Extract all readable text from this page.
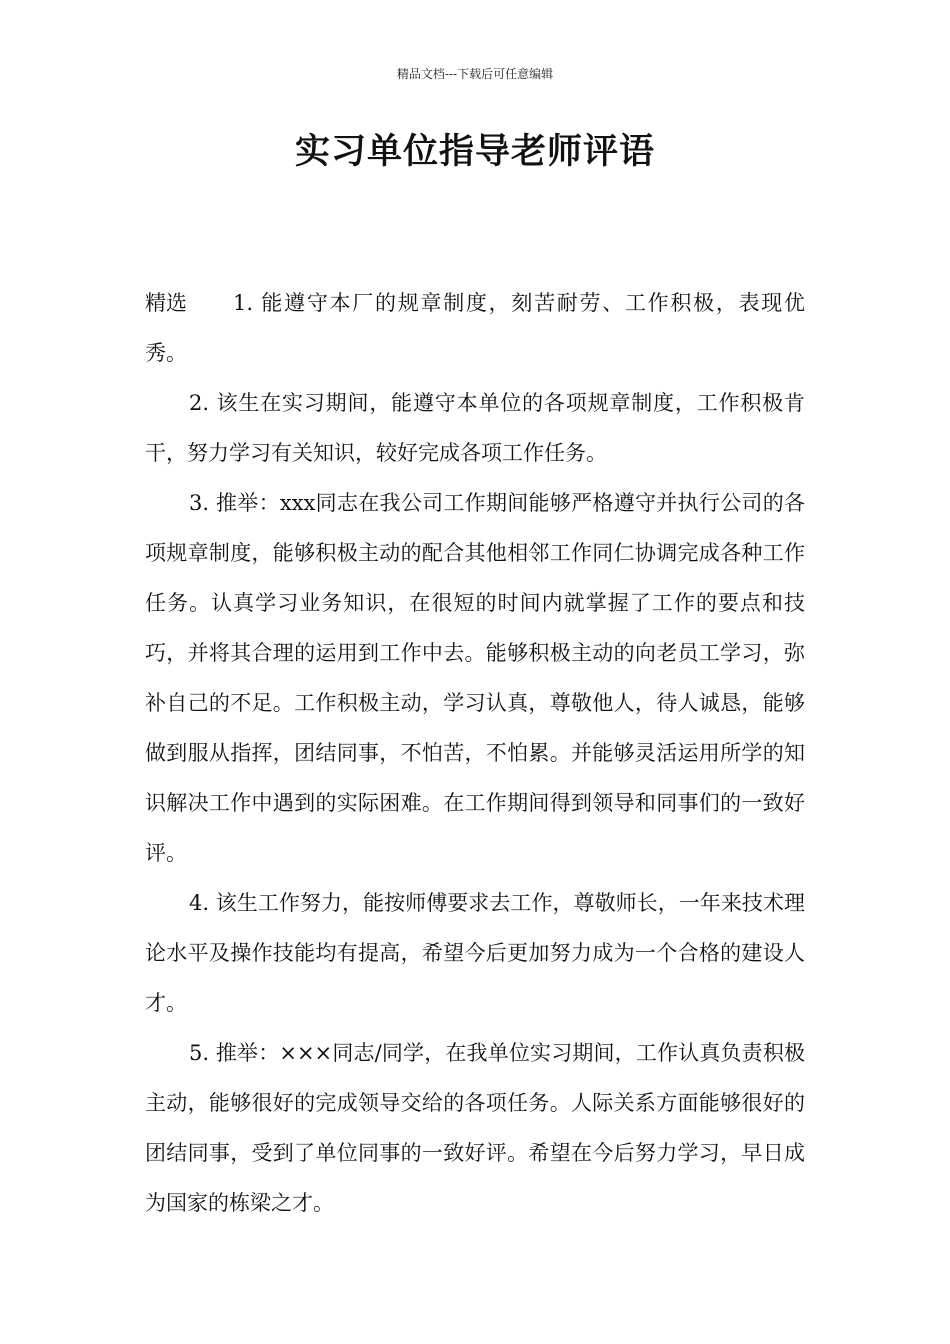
精品文档---下载后可任意编辑
实习单位指导老师评语

精选 1. 能遵守本厂的规章制度，刻苦耐劳、工作积极，表现优秀。

2. 该生在实习期间，能遵守本单位的各项规章制度，工作积极肯干，努力学习有关知识，较好完成各项工作任务。

3. 推举：xxx同志在我公司工作期间能够严格遵守并执行公司的各项规章制度，能够积极主动的配合其他相邻工作同仁协调完成各种工作任务。认真学习业务知识，在很短的时间内就掌握了工作的要点和技巧，并将其合理的运用到工作中去。能够积极主动的向老员工学习，弥补自己的不足。工作积极主动，学习认真，尊敬他人，待人诚恳，能够做到服从指挥，团结同事，不怕苦，不怕累。并能够灵活运用所学的知识解决工作中遇到的实际困难。在工作期间得到领导和同事们的一致好评。

4. 该生工作努力，能按师傅要求去工作，尊敬师长，一年来技术理论水平及操作技能均有提高，希望今后更加努力成为一个合格的建设人才。

5. 推举：×××同志/同学，在我单位实习期间，工作认真负责积极主动，能够很好的完成领导交给的各项任务。人际关系方面能够很好的团结同事，受到了单位同事的一致好评。希望在今后努力学习，早日成为国家的栋梁之才。
